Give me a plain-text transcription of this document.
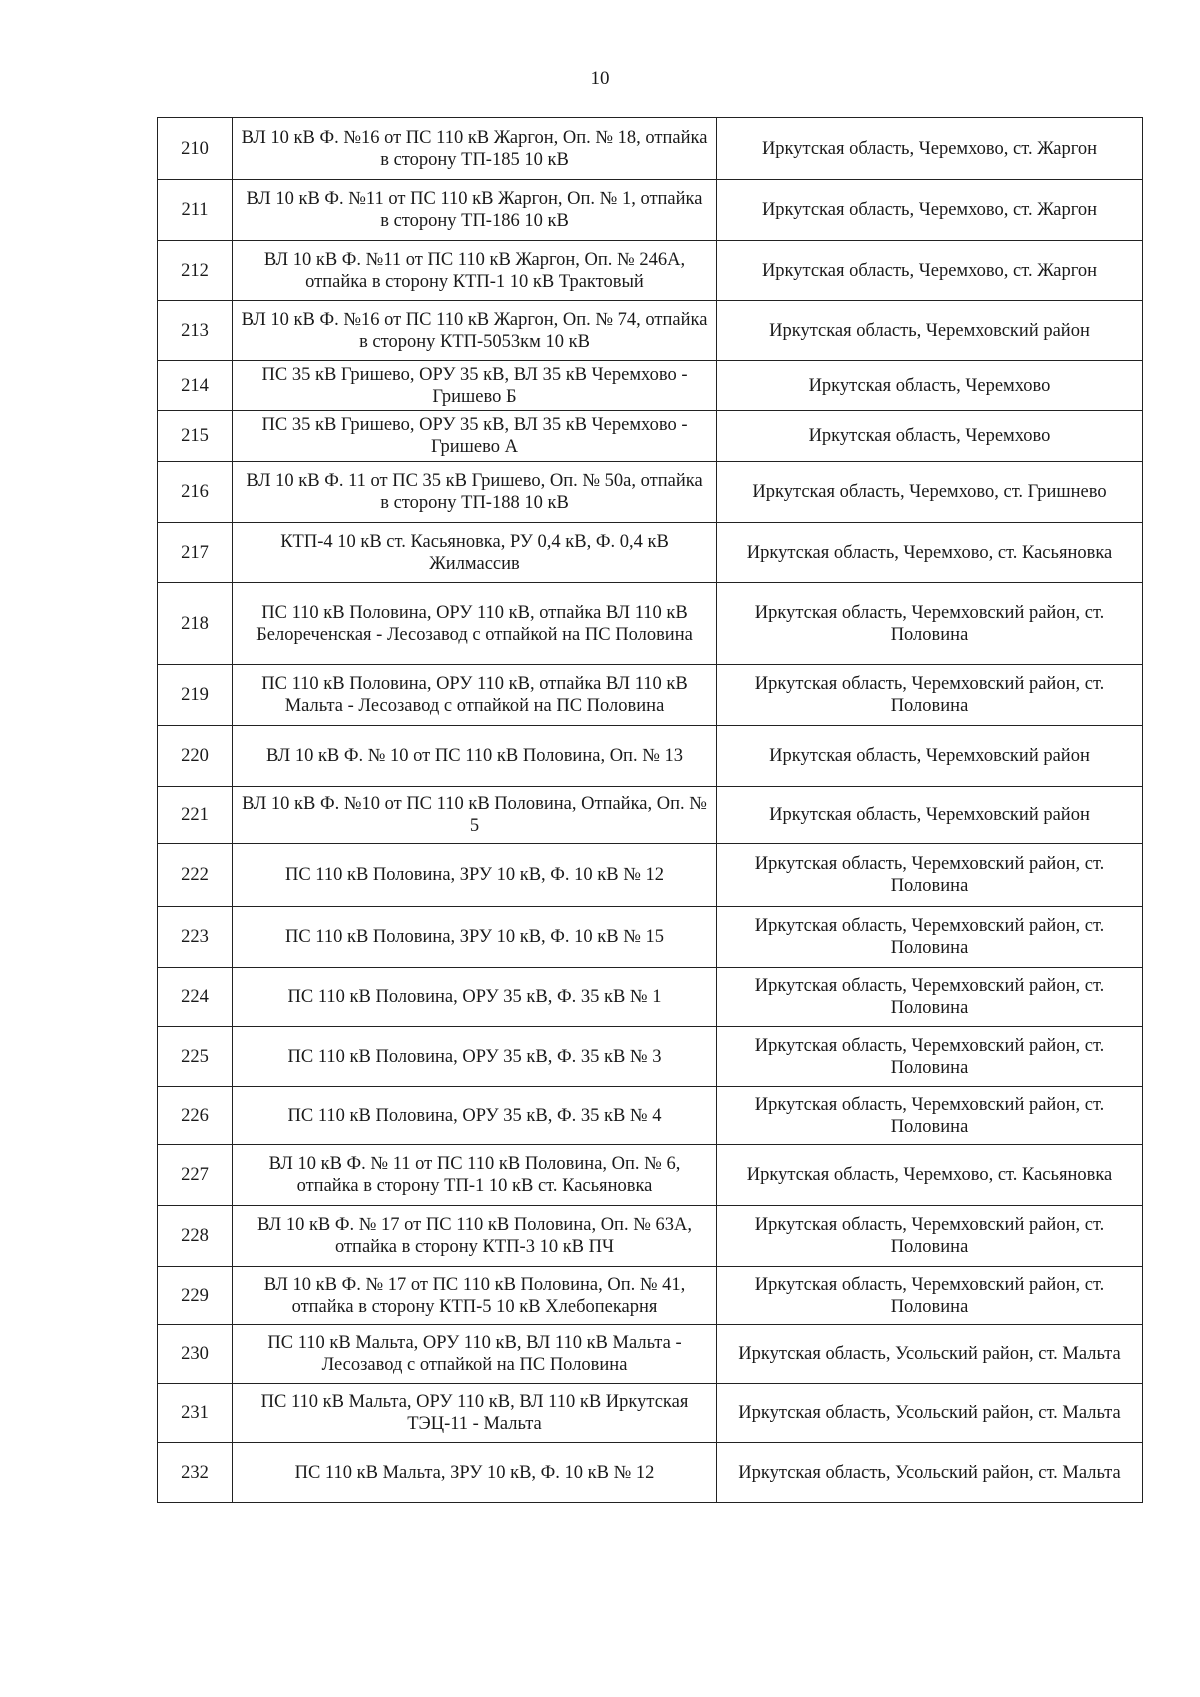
10
210	ВЛ 10 кВ Ф. №16 от ПС 110 кВ Жаргон, Оп. № 18, отпайка в сторону ТП-185 10 кВ	Иркутская область, Черемхово, ст. Жаргон
211	ВЛ 10 кВ Ф. №11 от ПС 110 кВ Жаргон, Оп. № 1, отпайка в сторону ТП-186 10 кВ	Иркутская область, Черемхово, ст. Жаргон
212	ВЛ 10 кВ Ф. №11 от ПС 110 кВ Жаргон, Оп. № 246А, отпайка в сторону КТП-1 10 кВ Трактовый	Иркутская область, Черемхово, ст. Жаргон
213	ВЛ 10 кВ Ф. №16 от ПС 110 кВ Жаргон, Оп. № 74, отпайка в сторону КТП-5053км 10 кВ	Иркутская область, Черемховский район
214	ПС 35 кВ Гришево, ОРУ 35 кВ, ВЛ 35 кВ Черемхово - Гришево Б	Иркутская область, Черемхово
215	ПС 35 кВ Гришево, ОРУ 35 кВ, ВЛ 35 кВ Черемхово - Гришево А	Иркутская область, Черемхово
216	ВЛ 10 кВ Ф. 11 от ПС 35 кВ Гришево, Оп. № 50а, отпайка в сторону ТП-188 10 кВ	Иркутская область, Черемхово, ст. Гришнево
217	КТП-4 10 кВ ст. Касьяновка, РУ 0,4 кВ, Ф. 0,4 кВ Жилмассив	Иркутская область, Черемхово, ст. Касьяновка
218	ПС 110 кВ Половина, ОРУ 110 кВ, отпайка ВЛ 110 кВ Белореченская - Лесозавод с отпайкой на ПС Половина	Иркутская область, Черемховский район, ст. Половина
219	ПС 110 кВ Половина, ОРУ 110 кВ, отпайка ВЛ 110 кВ Мальта - Лесозавод с отпайкой на ПС Половина	Иркутская область, Черемховский район, ст. Половина
220	ВЛ 10 кВ Ф. № 10 от ПС 110 кВ Половина, Оп. № 13	Иркутская область, Черемховский район
221	ВЛ 10 кВ Ф. №10 от ПС 110 кВ Половина, Отпайка, Оп. № 5	Иркутская область, Черемховский район
222	ПС 110 кВ Половина, ЗРУ 10 кВ, Ф. 10 кВ № 12	Иркутская область, Черемховский район, ст. Половина
223	ПС 110 кВ Половина, ЗРУ 10 кВ, Ф. 10 кВ № 15	Иркутская область, Черемховский район, ст. Половина
224	ПС 110 кВ Половина, ОРУ 35 кВ, Ф. 35 кВ № 1	Иркутская область, Черемховский район, ст. Половина
225	ПС 110 кВ Половина, ОРУ 35 кВ, Ф. 35 кВ № 3	Иркутская область, Черемховский район, ст. Половина
226	ПС 110 кВ Половина, ОРУ 35 кВ, Ф. 35 кВ № 4	Иркутская область, Черемховский район, ст. Половина
227	ВЛ 10 кВ Ф. № 11 от ПС 110 кВ Половина, Оп. № 6, отпайка в сторону ТП-1 10 кВ ст. Касьяновка	Иркутская область, Черемхово, ст. Касьяновка
228	ВЛ 10 кВ Ф. № 17 от ПС 110 кВ Половина, Оп. № 63А, отпайка в сторону КТП-3 10 кВ ПЧ	Иркутская область, Черемховский район, ст. Половина
229	ВЛ 10 кВ Ф. № 17 от ПС 110 кВ Половина, Оп. № 41, отпайка в сторону КТП-5 10 кВ Хлебопекарня	Иркутская область, Черемховский район, ст. Половина
230	ПС 110 кВ Мальта, ОРУ 110 кВ, ВЛ 110 кВ Мальта - Лесозавод с отпайкой на ПС Половина	Иркутская область, Усольский район, ст. Мальта
231	ПС 110 кВ Мальта, ОРУ 110 кВ, ВЛ 110 кВ Иркутская ТЭЦ-11 - Мальта	Иркутская область, Усольский район, ст. Мальта
232	ПС 110 кВ Мальта, ЗРУ 10 кВ, Ф. 10 кВ № 12	Иркутская область, Усольский район, ст. Мальта
